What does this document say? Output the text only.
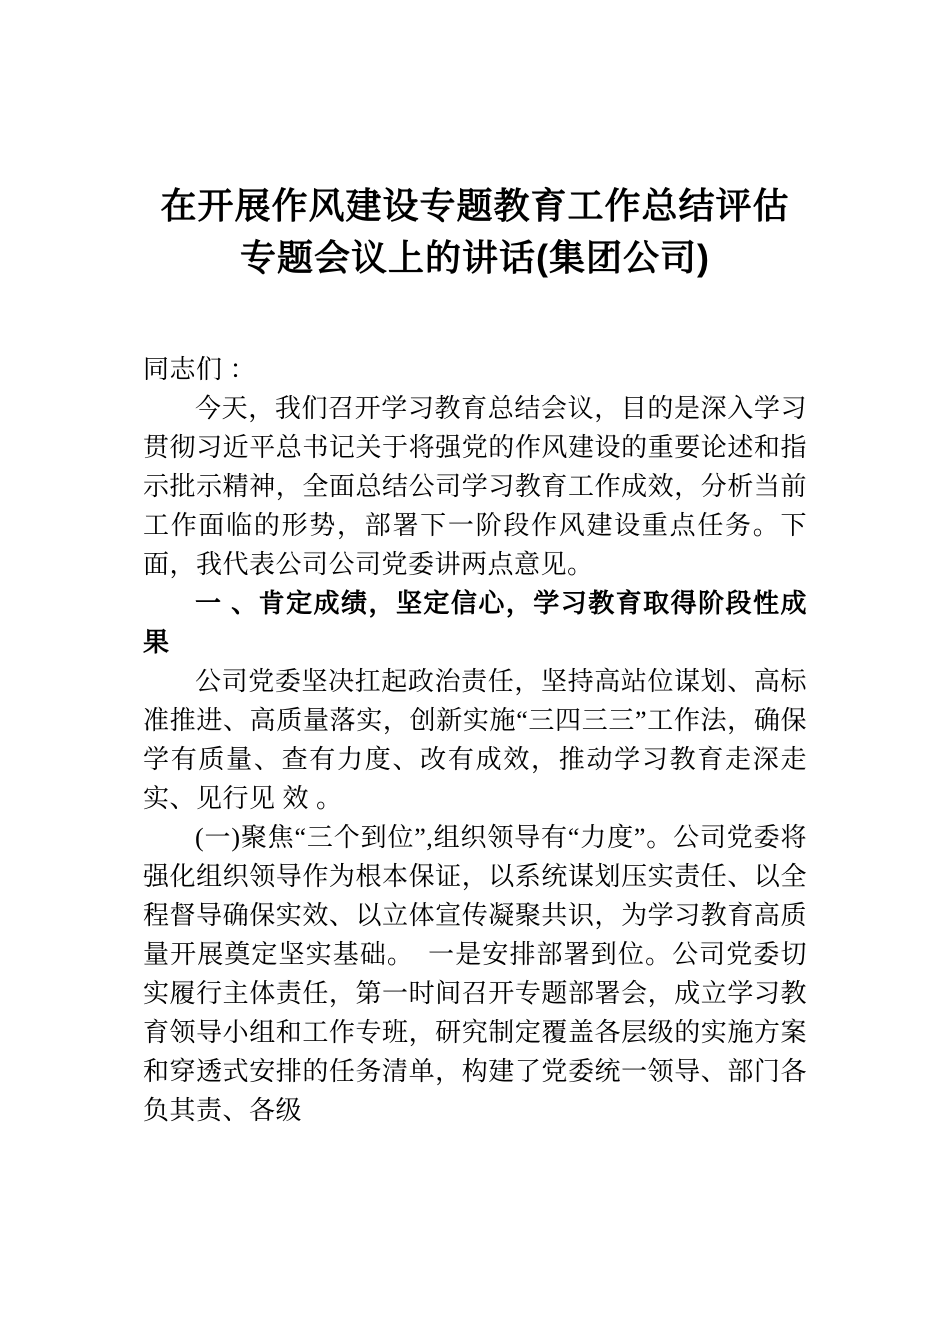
在开展作风建设专题教育工作总结评估专题会议上的讲话(集团公司)

同志们 ：

今天，我们召开学习教育总结会议，目的是深入学习贯彻习近平总书记关于将强党的作风建设的重要论述和指示批示精神，全面总结公司学习教育工作成效，分析当前工作面临的形势，部署下一阶段作风建设重点任务。下面，我代表公司公司党委讲两点意见。

一 、肯定成绩，坚定信心，学习教育取得阶段性成果

公司党委坚决扛起政治责任，坚持高站位谋划、高标准推进、高质量落实，创新实施“三四三三”工作法，确保学有质量、查有力度、改有成效，推动学习教育走深走实、见行见 效 。

(一)聚焦“三个到位”,组织领导有“力度”。公司党委将强化组织领导作为根本保证，以系统谋划压实责任、以全程督导确保实效、以立体宣传凝聚共识，为学习教育高质量开展奠定坚实基础。　一是安排部署到位。公司党委切实履行主体责任，第一时间召开专题部署会，成立学习教育领导小组和工作专班，研究制定覆盖各层级的实施方案和穿透式安排的任务清单，构建了党委统一领导、部门各负其责、各级
